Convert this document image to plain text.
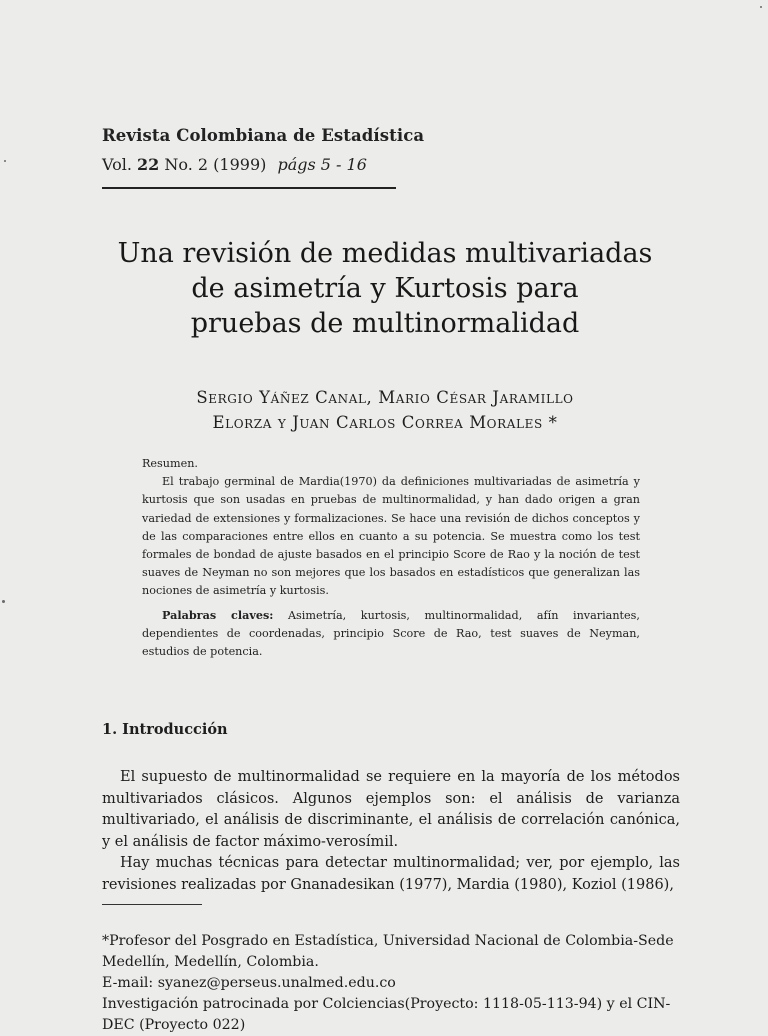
Revista Colombiana de Estadística
Vol. 22 No. 2 (1999) págs 5 - 16
Una revisión de medidas multivariadas
de asimetría y Kurtosis para
pruebas de multinormalidad
Sergio Yáñez Canal, Mario César Jaramillo
Elorza y Juan Carlos Correa Morales *

Resumen.

El trabajo germinal de Mardia(1970) da definiciones multivariadas de asimetría y kurtosis que son usadas en pruebas de multinormalidad, y han dado origen a gran variedad de extensiones y formalizaciones. Se hace una revisión de dichos conceptos y de las comparaciones entre ellos en cuanto a su potencia. Se muestra como los test formales de bondad de ajuste basados en el principio Score de Rao y la noción de test suaves de Neyman no son mejores que los basados en estadísticos que generalizan las nociones de asimetría y kurtosis.

Palabras claves: Asimetría, kurtosis, multinormalidad, afín invariantes, dependientes de coordenadas, principio Score de Rao, test suaves de Neyman, estudios de potencia.

1. Introducción

El supuesto de multinormalidad se requiere en la mayoría de los métodos multivariados clásicos. Algunos ejemplos son: el análisis de varianza multivariado, el análisis de discriminante, el análisis de correlación canónica, y el análisis de factor máximo-verosímil.

Hay muchas técnicas para detectar multinormalidad; ver, por ejemplo, las revisiones realizadas por Gnanadesikan (1977), Mardia (1980), Koziol (1986),

*Profesor del Posgrado en Estadística, Universidad Nacional de Colombia-Sede

Medellín, Medellín, Colombia.

E-mail: syanez@perseus.unalmed.edu.co

Investigación patrocinada por Colciencias(Proyecto: 1118-05-113-94) y el CIN-

DEC (Proyecto 022)
